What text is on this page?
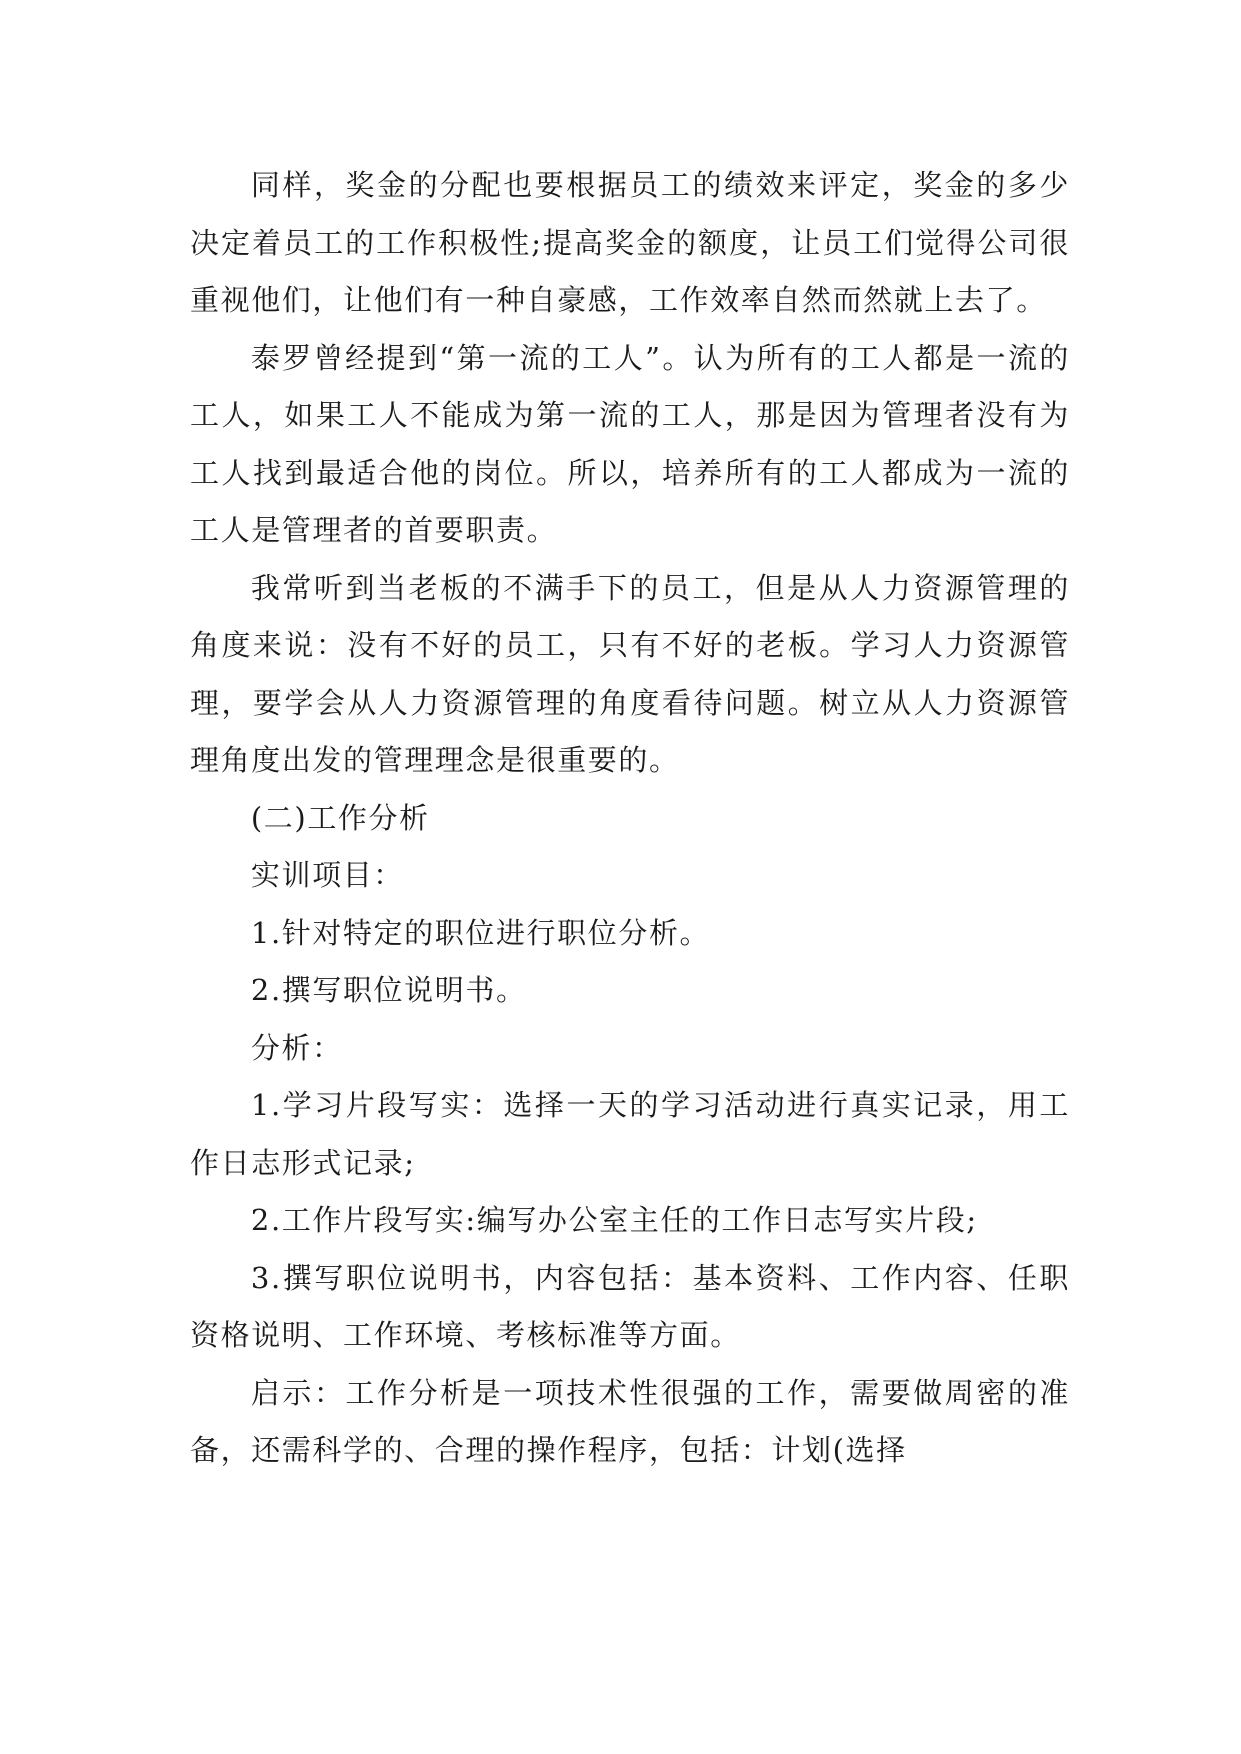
同样，奖金的分配也要根据员工的绩效来评定，奖金的多少决定着员工的工作积极性;提高奖金的额度，让员工们觉得公司很重视他们，让他们有一种自豪感，工作效率自然而然就上去了。

泰罗曾经提到“第一流的工人”。认为所有的工人都是一流的工人，如果工人不能成为第一流的工人，那是因为管理者没有为工人找到最适合他的岗位。所以，培养所有的工人都成为一流的工人是管理者的首要职责。

我常听到当老板的不满手下的员工，但是从人力资源管理的角度来说：没有不好的员工，只有不好的老板。学习人力资源管理，要学会从人力资源管理的角度看待问题。树立从人力资源管理角度出发的管理理念是很重要的。

(二)工作分析

实训项目：

1.针对特定的职位进行职位分析。

2.撰写职位说明书。

分析：

1.学习片段写实：选择一天的学习活动进行真实记录，用工作日志形式记录;

2.工作片段写实:编写办公室主任的工作日志写实片段;

3.撰写职位说明书，内容包括：基本资料、工作内容、任职资格说明、工作环境、考核标准等方面。

启示：工作分析是一项技术性很强的工作，需要做周密的准备，还需科学的、合理的操作程序，包括：计划(选择
